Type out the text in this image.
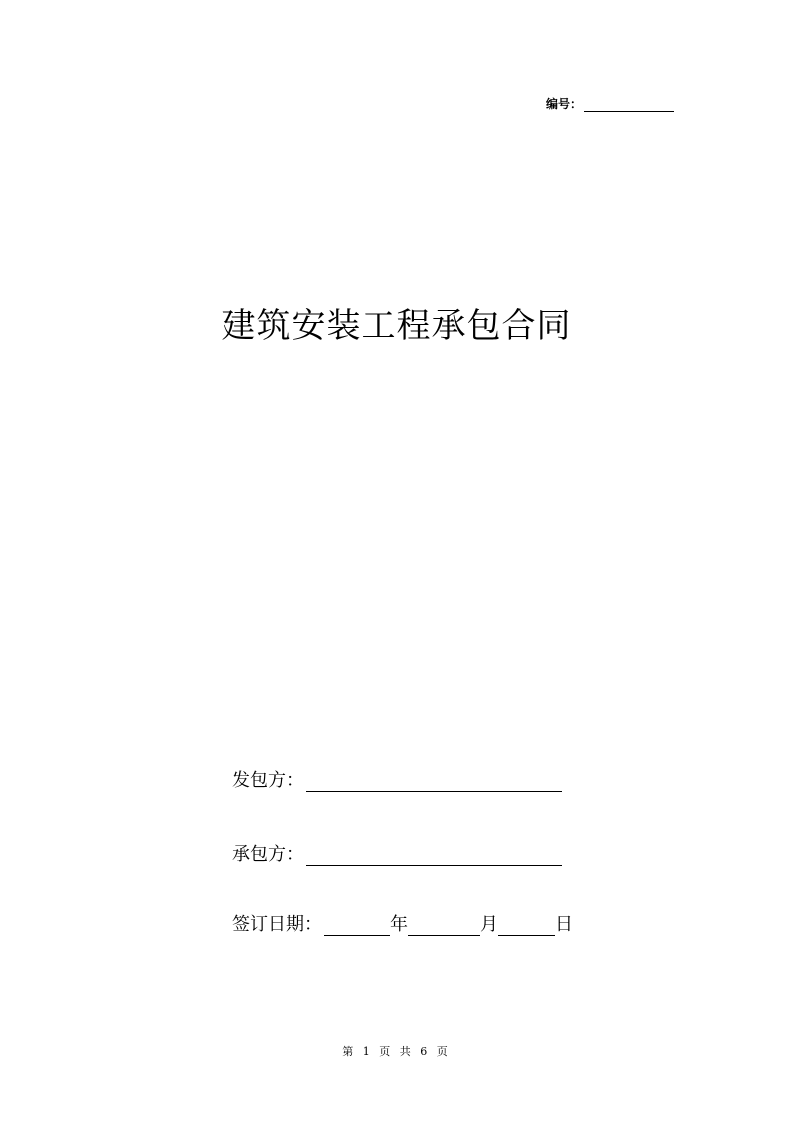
编号：
建筑安装工程承包合同
发包方：
承包方：
签订日期：	年	月	日
第 1 页 共 6 页
